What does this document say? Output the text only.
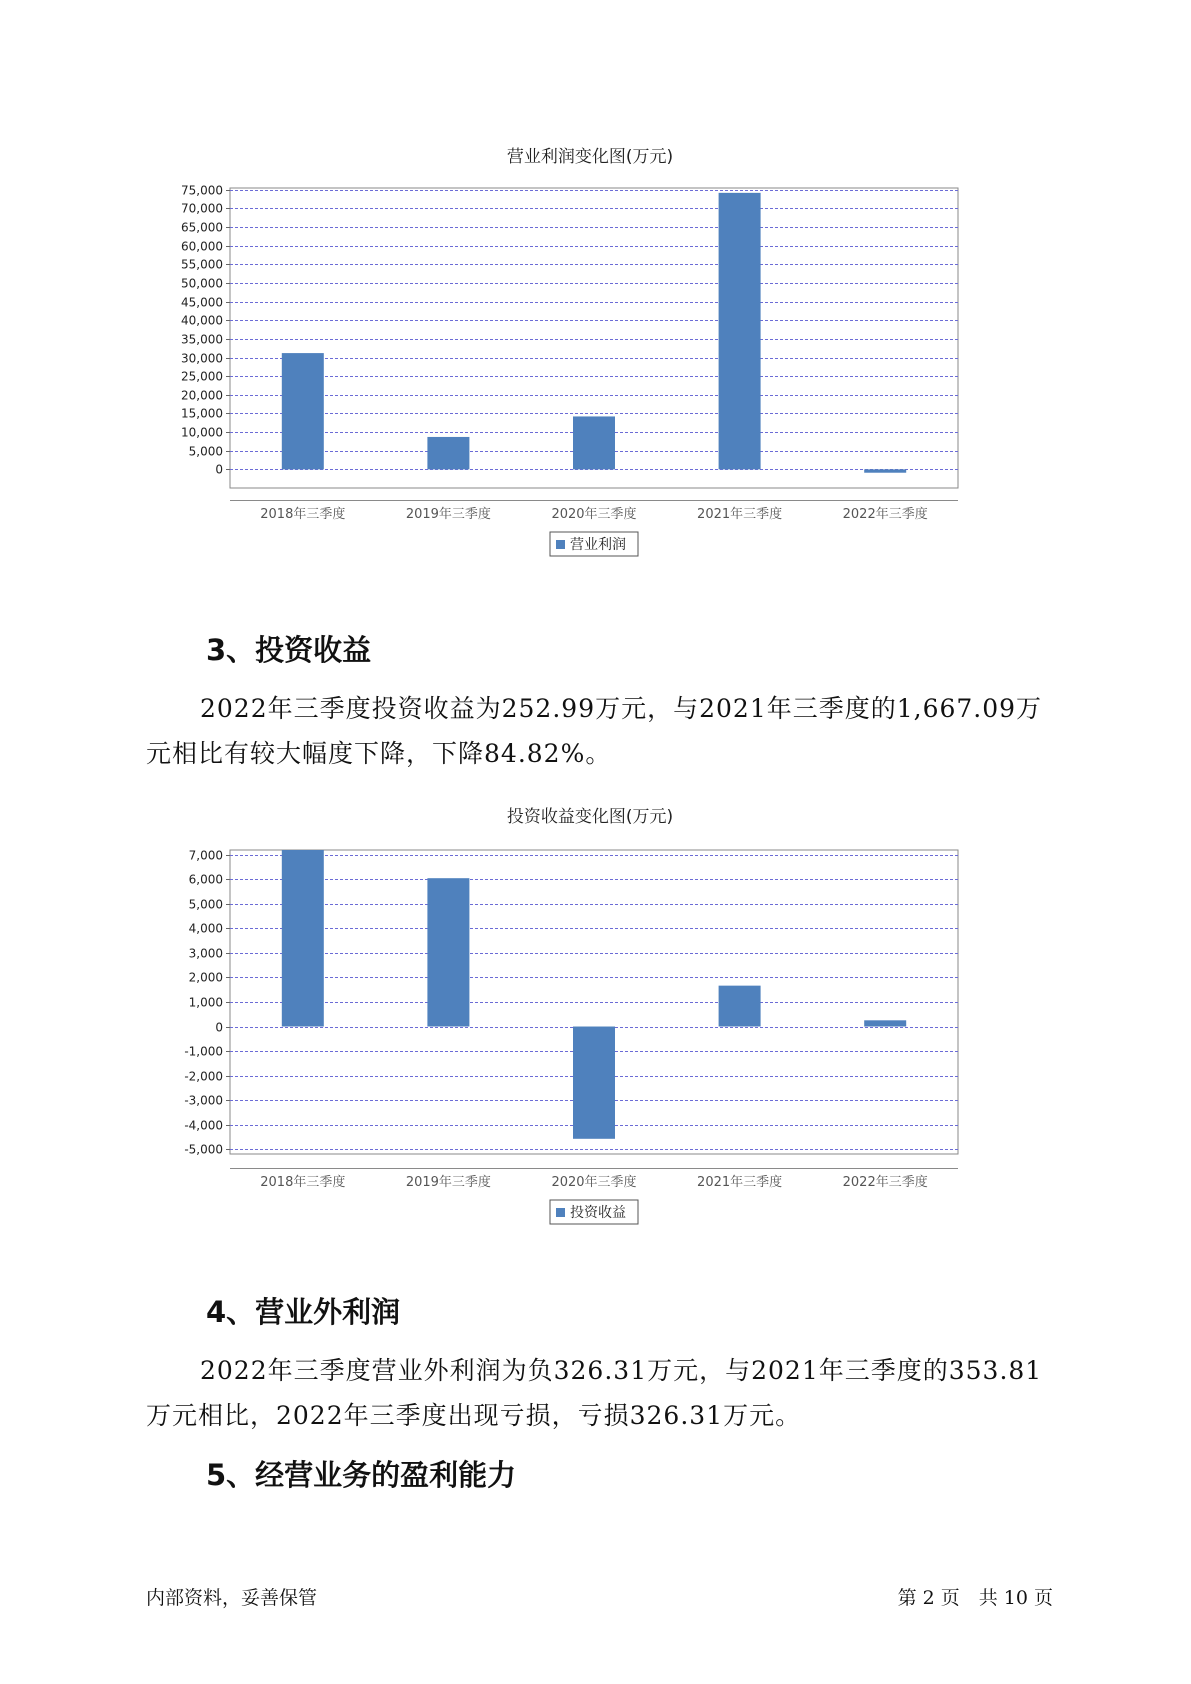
营业利润变化图(万元)
0
5,000
10,000
15,000
20,000
25,000
30,000
35,000
40,000
45,000
50,000
55,000
60,000
65,000
70,000
75,000
2018年三季度	2019年三季度	2020年三季度	2021年三季度	2022年三季度
营业利润
3、投资收益

2022年三季度投资收益为252.99万元，与2021年三季度的1,667.09万元相比有较大幅度下降，下降84.82%。

投资收益变化图(万元)
-5,000
-4,000
-3,000
-2,000
-1,000
0
1,000
2,000
3,000
4,000
5,000
6,000
7,000
2018年三季度	2019年三季度	2020年三季度	2021年三季度	2022年三季度
投资收益
4、营业外利润

2022年三季度营业外利润为负326.31万元，与2021年三季度的353.81万元相比，2022年三季度出现亏损，亏损326.31万元。

5、经营业务的盈利能力
内部资料，妥善保管	第 2 页　共 10 页
